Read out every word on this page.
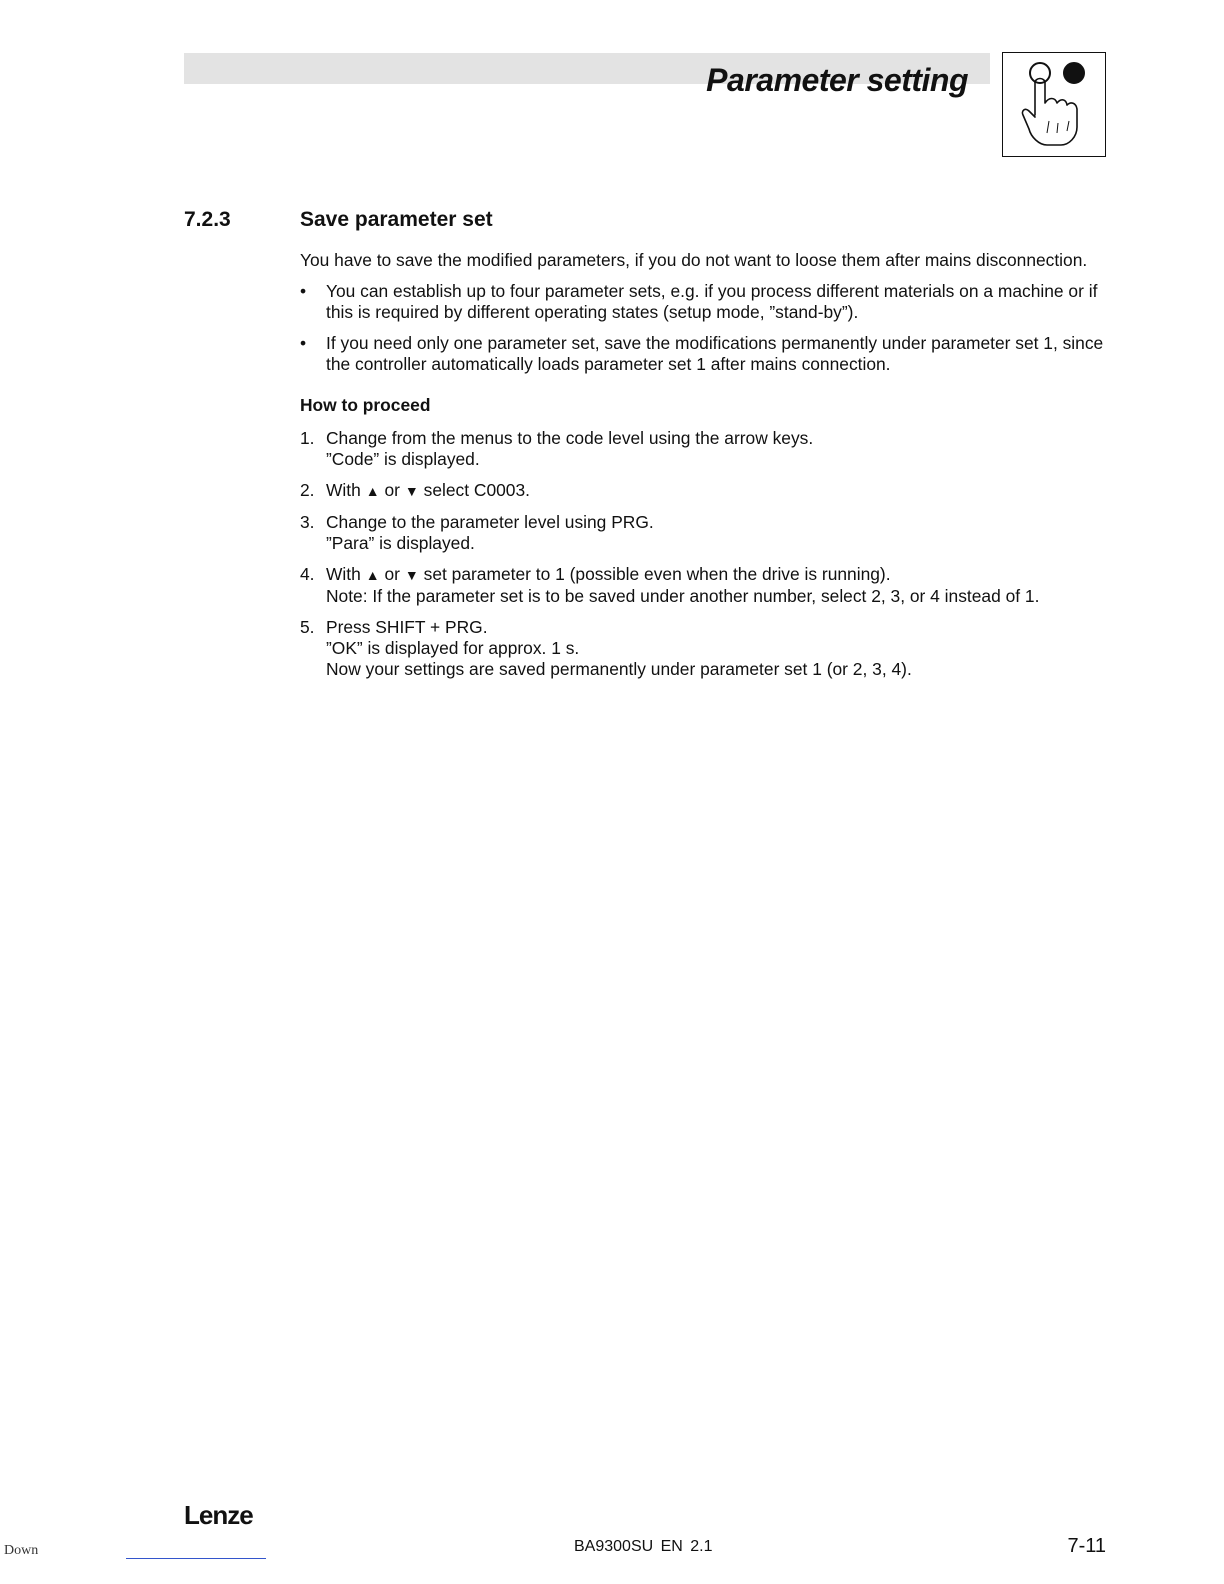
Parameter setting
7.2.3	Save parameter set

You have to save the modified parameters, if you do not want to loose them after mains disconnection.

• You can establish up to four parameter sets, e.g. if you process different materials on a machine or if this is required by different operating states (setup mode, ”stand-by”).
• If you need only one parameter set, save the modifications permanently under parameter set 1, since the controller automatically loads parameter set 1 after mains connection.
How to proceed
1. Change from the menus to the code level using the arrow keys.
”Code” is displayed.
2. With ▲ or ▼ select C0003.
3. Change to the parameter level using PRG.
”Para” is displayed.
4. With ▲ or ▼ set parameter to 1 (possible even when the drive is running).
Note: If the parameter set is to be saved under another number, select 2, 3, or 4 instead of 1.
5. Press SHIFT + PRG.
”OK” is displayed for approx. 1 s.
Now your settings are saved permanently under parameter set 1 (or 2, 3, 4).
Lenze
BA9300SU EN 2.1	7-11
Down
